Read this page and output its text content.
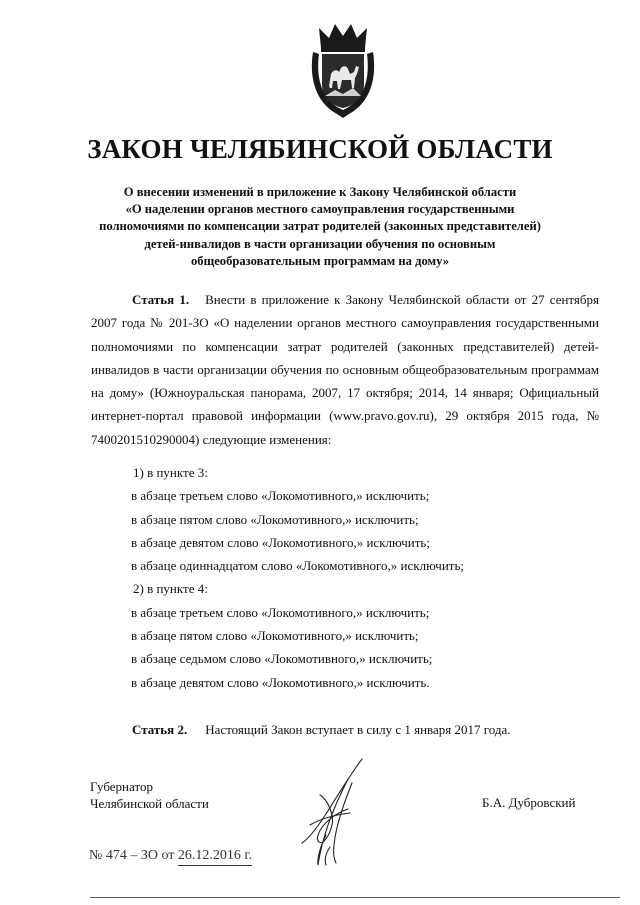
ЗАКОН ЧЕЛЯБИНСКОЙ ОБЛАСТИ
О внесении изменений в приложение к Закону Челябинской области
«О наделении органов местного самоуправления государственными
полномочиями по компенсации затрат родителей (законных представителей)
детей-инвалидов в части организации обучения по основным
общеобразовательным программам на дому»
Статья 1. Внести в приложение к Закону Челябинской области от 27 сентября 2007 года № 201-ЗО «О наделении органов местного самоуправления государственными полномочиями по компенсации затрат родителей (законных представителей) детей-инвалидов в части организации обучения по основным общеобразовательным программам на дому» (Южноуральская панорама, 2007, 17 октября; 2014, 14 января; Официальный интернет-портал правовой информации (www.pravo.gov.ru), 29 октября 2015 года, № 7400201510290004) следующие изменения:
1) в пункте 3:
в абзаце третьем слово «Локомотивного,» исключить;
в абзаце пятом слово «Локомотивного,» исключить;
в абзаце девятом слово «Локомотивного,» исключить;
в абзаце одиннадцатом слово «Локомотивного,» исключить;
2) в пункте 4:
в абзаце третьем слово «Локомотивного,» исключить;
в абзаце пятом слово «Локомотивного,» исключить;
в абзаце седьмом слово «Локомотивного,» исключить;
в абзаце девятом слово «Локомотивного,» исключить.
Статья 2. Настоящий Закон вступает в силу с 1 января 2017 года.
Губернатор
Челябинской области	Б.А. Дубровский
№ 474 – ЗО от 26.12.2016 г.
